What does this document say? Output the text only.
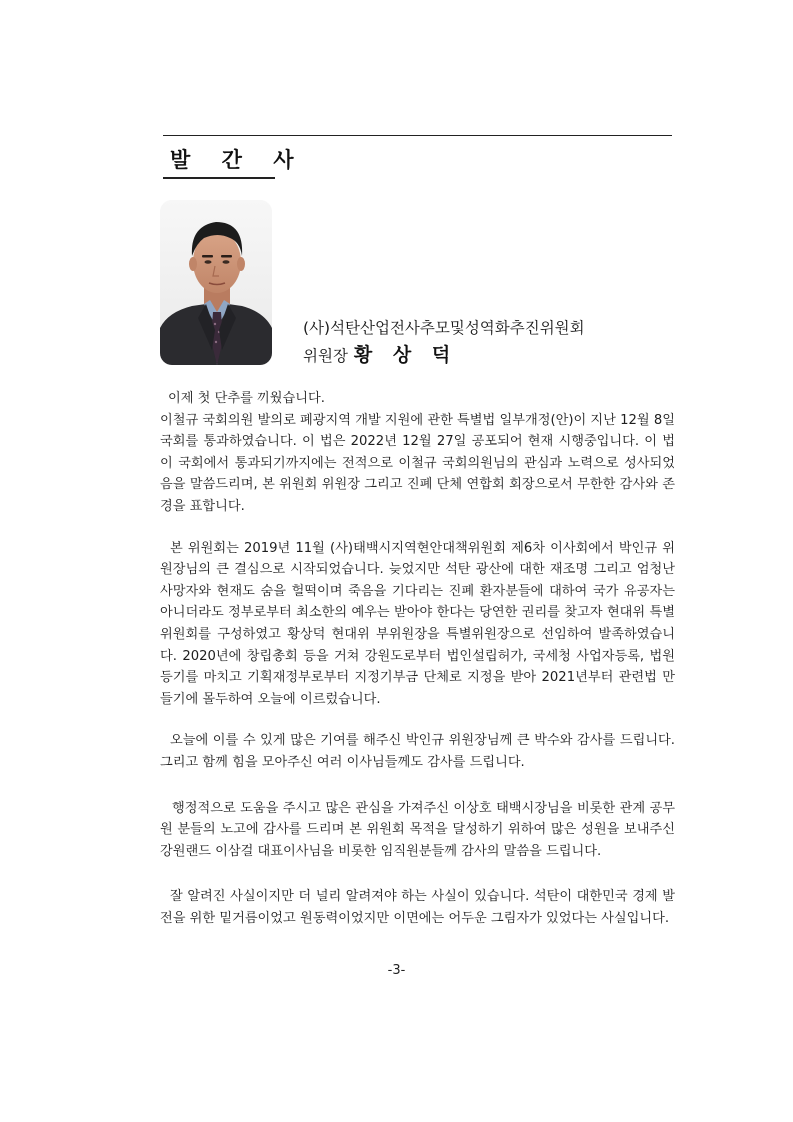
발 간 사
(사)석탄산업전사추모및성역화추진위원회
위원장 황 상 덕

이제 첫 단추를 끼웠습니다.

이철규 국회의원 발의로 폐광지역 개발 지원에 관한 특별법 일부개정(안)이 지난 12월 8일 국회를 통과하였습니다. 이 법은 2022년 12월 27일 공포되어 현재 시행중입니다. 이 법이 국회에서 통과되기까지에는 전적으로 이철규 국회의원님의 관심과 노력으로 성사되었음을 말씀드리며, 본 위원회 위원장 그리고 진폐 단체 연합회 회장으로서 무한한 감사와 존경을 표합니다.

본 위원회는 2019년 11월 (사)태백시지역현안대책위원회 제6차 이사회에서 박인규 위원장님의 큰 결심으로 시작되었습니다. 늦었지만 석탄 광산에 대한 재조명 그리고 엄청난 사망자와 현재도 숨을 헐떡이며 죽음을 기다리는 진폐 환자분들에 대하여 국가 유공자는 아니더라도 정부로부터 최소한의 예우는 받아야 한다는 당연한 권리를 찾고자 현대위 특별위원회를 구성하였고 황상덕 현대위 부위원장을 특별위원장으로 선임하여 발족하였습니다. 2020년에 창립총회 등을 거쳐 강원도로부터 법인설립허가, 국세청 사업자등록, 법원 등기를 마치고 기획재정부로부터 지정기부금 단체로 지정을 받아 2021년부터 관련법 만들기에 몰두하여 오늘에 이르렀습니다.

오늘에 이를 수 있게 많은 기여를 해주신 박인규 위원장님께 큰 박수와 감사를 드립니다. 그리고 함께 힘을 모아주신 여러 이사님들께도 감사를 드립니다.

행정적으로 도움을 주시고 많은 관심을 가져주신 이상호 태백시장님을 비롯한 관계 공무원 분들의 노고에 감사를 드리며 본 위원회 목적을 달성하기 위하여 많은 성원을 보내주신 강원랜드 이삼걸 대표이사님을 비롯한 임직원분들께 감사의 말씀을 드립니다.

잘 알려진 사실이지만 더 널리 알려져야 하는 사실이 있습니다. 석탄이 대한민국 경제 발전을 위한 밑거름이었고 원동력이었지만 이면에는 어두운 그림자가 있었다는 사실입니다.

-3-
